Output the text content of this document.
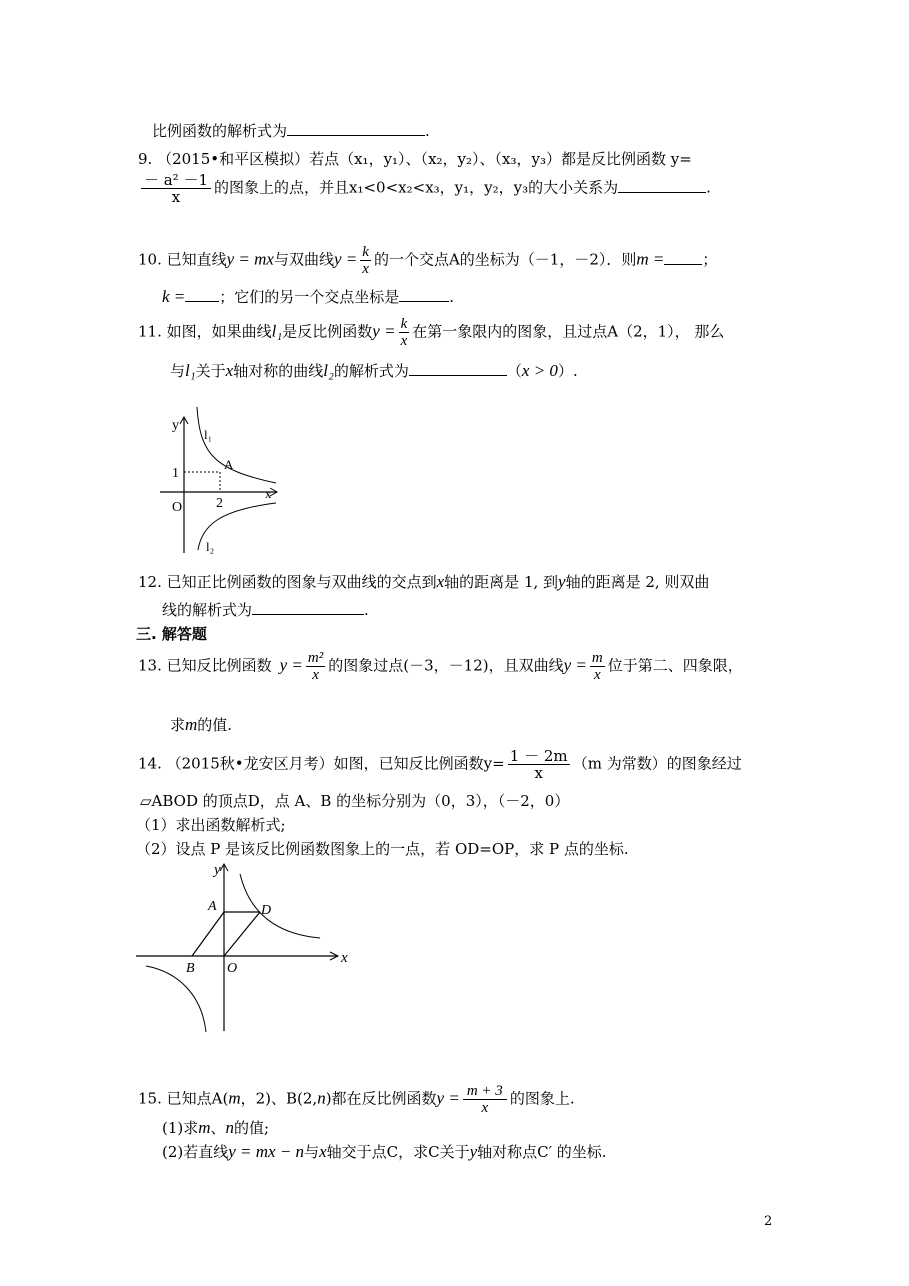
比例函数的解析式为	.
9. （2015•和平区模拟）若点（x₁，y₁）、（x₂，y₂）、（x₃，y₃）都是反比例函数 y=
$\frac{\text{－ a² －1}}{x}$ 的图象上的点，并且x₁<0<x₂<x₃，y₁，y₂，y₃的大小关系为	.
10. 已知直线y = mx与双曲线$y = \frac{k}{x}$ 的一个交点A的坐标为（－1，－2）．则m =	；
k = ；它们的另一个交点坐标是	.
11. 如图，如果曲线l₁是反比例函数$y = \frac{k}{x}$ 在第一象限内的图象，且过点A（2，1）， 那么
与l₁关于x轴对称的曲线l₂的解析式为	（x > 0）.
y
x
l₁
l₂
A
1
2
O
12. 已知正比例函数的图象与双曲线的交点到x轴的距离是 1, 到y轴的距离是 2, 则双曲
线的解析式为	.
三. 解答题
13. 已知反比例函数 $y = \frac{\text{m²}}{x}$ 的图象过点(－3，－12)，且双曲线$y = \frac{m}{x}$ 位于第二、四象限，
求m的值.
14. （2015秋•龙安区月考）如图，已知反比例函数$y= \frac{1 - 2m}{x} (m$ 为常数）的图象经过
▱ABOD 的顶点D，点 A、B 的坐标分别为（0，3），（－2，0）
（1）求出函数解析式;
（2）设点 P 是该反比例函数图象上的一点，若 OD=OP，求 P 点的坐标.
y
x
A	D
B O
15. 已知点A(m，2)、B(2,n)都在反比例函数$y = \frac{m + 3}{x}$ 的图象上.
(1)求m、n的值;
(2)若直线y = mx − n与x轴交于点C，求C关于y轴对称点C′ 的坐标.
2
